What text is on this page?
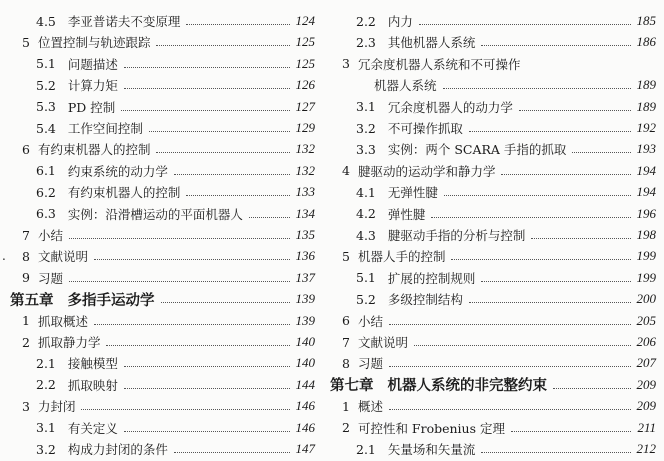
4.5 李亚普诺夫不变原理	124
5 位置控制与轨迹跟踪	125
5.1 问题描述	125
5.2 计算力矩	126
5.3 PD 控制	127
5.4 工作空间控制	129
6 有约束机器人的控制	132
6.1 约束系统的动力学	132
6.2 有约束机器人的控制	133
6.3 实例：沿滑槽运动的平面机器人	134
7 小结	135
8 文献说明	136
9 习题	137
第五章 多指手运动学	139
1 抓取概述	139
2 抓取静力学	140
2.1 接触模型	140
2.2 抓取映射	144
3 力封闭	146
3.1 有关定义	146
3.2 构成力封闭的条件	147
2.2 内力	185
2.3 其他机器人系统	186
3 冗余度机器人系统和不可操作
机器人系统	189
3.1 冗余度机器人的动力学	189
3.2 不可操作抓取	192
3.3 实例：两个 SCARA 手指的抓取	193
4 腱驱动的运动学和静力学	194
4.1 无弹性腱	194
4.2 弹性腱	196
4.3 腱驱动手指的分析与控制	198
5 机器人手的控制	199
5.1 扩展的控制规则	199
5.2 多级控制结构	200
6 小结	205
7 文献说明	206
8 习题	207
第七章 机器人系统的非完整约束	209
1 概述	209
2 可控性和 Frobenius 定理	211
2.1 矢量场和矢量流	212
.
